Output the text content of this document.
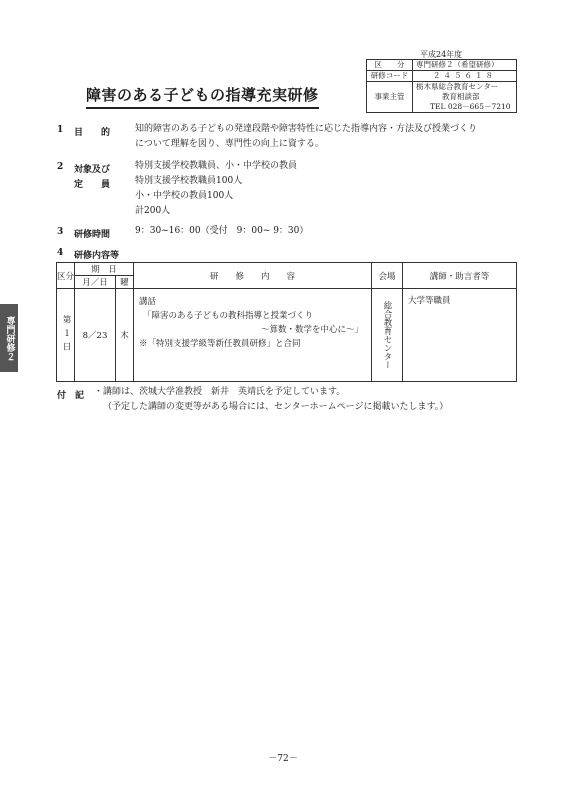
平成24年度
区　　分	専門研修２（希望研修）
研修コード	２４５６１８
事業主管	栃木県総合教育センター
教育相談部
TEL 028－665－7210
障害のある子どもの指導充実研修
1 目　　的	知的障害のある子どもの発達段階や障害特性に応じた指導内容・方法及び授業づくり
について理解を図り、専門性の向上に資する。
2 対象及び
定　　員
特別支援学校教職員、小・中学校の教員
特別支援学校教職員100人
小・中学校の教員100人
計200人
3 研修時間	9：30~16：00（受付　9：00~ 9：30）
4 研修内容等
区分	期　日		研　　修　　内　　容	会場	講師・助言者等
	月／日	曜			

第１日	8／23	木	講話
「障害のある子どもの教科指導と授業づくり
～算数・数学を中心に～」
※「特別支援学級等新任教員研修」と合同	総合教育センター	大学等職員
付　記 ・講師は、茨城大学准教授　新井　英靖氏を予定しています。
（予定した講師の変更等がある場合には、センターホームページに掲載いたします。）
専門研修２
－72－
